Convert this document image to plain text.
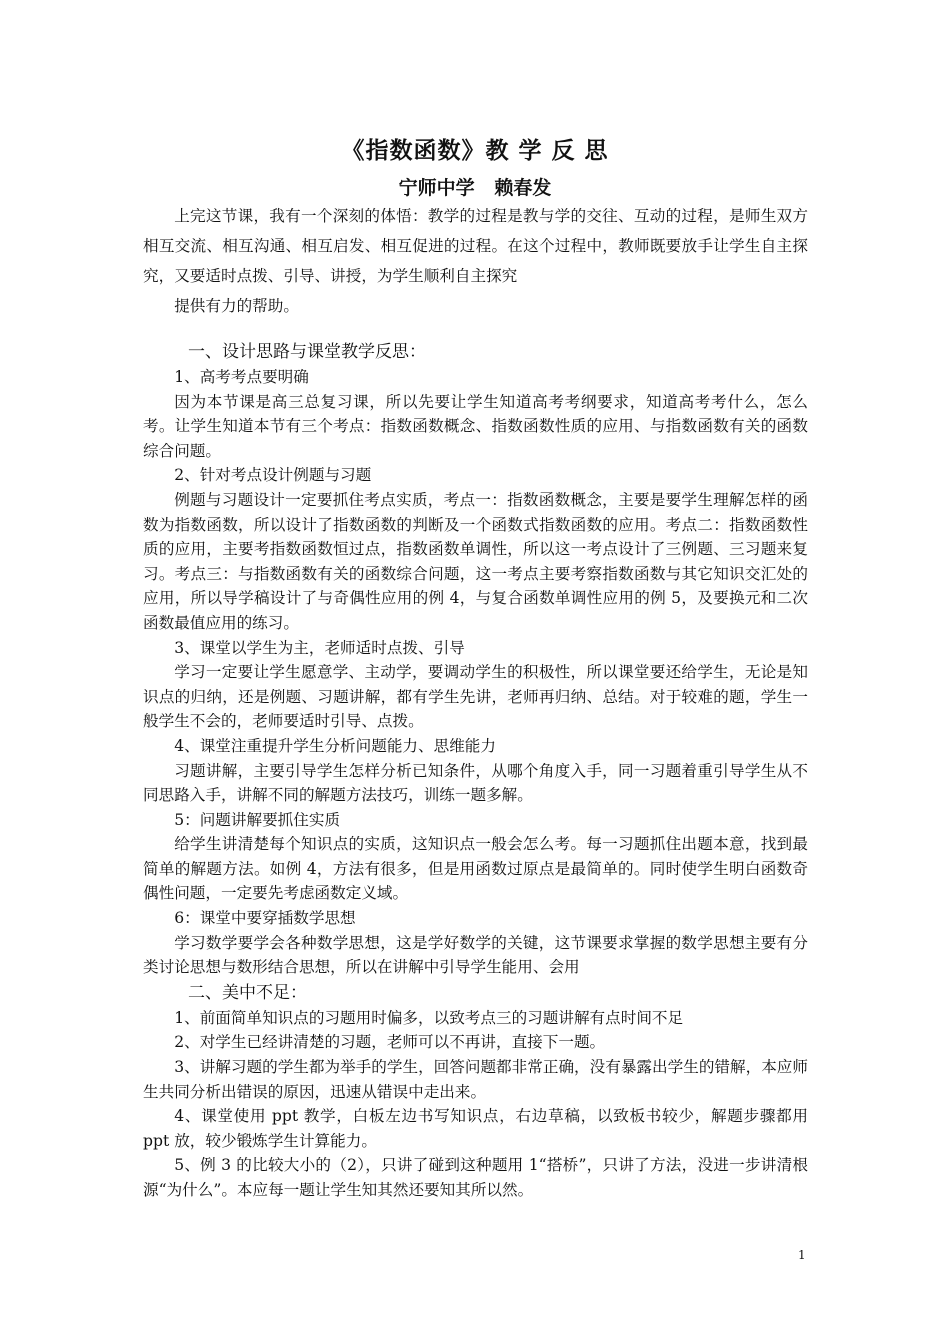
《指数函数》教 学 反 思
宁师中学   赖春发

上完这节课，我有一个深刻的体悟：教学的过程是教与学的交往、互动的过程，是师生双方相互交流、相互沟通、相互启发、相互促进的过程。在这个过程中，教师既要放手让学生自主探究，又要适时点拨、引导、讲授，为学生顺利自主探究

提供有力的帮助。

一、设计思路与课堂教学反思：

1、高考考点要明确

因为本节课是高三总复习课，所以先要让学生知道高考考纲要求，知道高考考什么，怎么考。让学生知道本节有三个考点：指数函数概念、指数函数性质的应用、与指数函数有关的函数综合问题。

2、针对考点设计例题与习题

例题与习题设计一定要抓住考点实质，考点一：指数函数概念，主要是要学生理解怎样的函数为指数函数，所以设计了指数函数的判断及一个函数式指数函数的应用。考点二：指数函数性质的应用，主要考指数函数恒过点，指数函数单调性，所以这一考点设计了三例题、三习题来复习。考点三：与指数函数有关的函数综合问题，这一考点主要考察指数函数与其它知识交汇处的应用，所以导学稿设计了与奇偶性应用的例 4，与复合函数单调性应用的例 5，及要换元和二次函数最值应用的练习。

3、课堂以学生为主，老师适时点拨、引导

学习一定要让学生愿意学、主动学，要调动学生的积极性，所以课堂要还给学生，无论是知识点的归纳，还是例题、习题讲解，都有学生先讲，老师再归纳、总结。对于较难的题，学生一般学生不会的，老师要适时引导、点拨。

4、课堂注重提升学生分析问题能力、思维能力

习题讲解，主要引导学生怎样分析已知条件，从哪个角度入手，同一习题着重引导学生从不同思路入手，讲解不同的解题方法技巧，训练一题多解。

5：问题讲解要抓住实质

给学生讲清楚每个知识点的实质，这知识点一般会怎么考。每一习题抓住出题本意，找到最简单的解题方法。如例 4，方法有很多，但是用函数过原点是最简单的。同时使学生明白函数奇偶性问题，一定要先考虑函数定义域。

6：课堂中要穿插数学思想

学习数学要学会各种数学思想，这是学好数学的关键，这节课要求掌握的数学思想主要有分类讨论思想与数形结合思想，所以在讲解中引导学生能用、会用

二、美中不足：

1、前面简单知识点的习题用时偏多，以致考点三的习题讲解有点时间不足

2、对学生已经讲清楚的习题，老师可以不再讲，直接下一题。

3、讲解习题的学生都为举手的学生，回答问题都非常正确，没有暴露出学生的错解，本应师生共同分析出错误的原因，迅速从错误中走出来。

4、课堂使用 ppt 教学，白板左边书写知识点，右边草稿，以致板书较少，解题步骤都用 ppt 放，较少锻炼学生计算能力。

5、例 3 的比较大小的（2），只讲了碰到这种题用 1“搭桥”，只讲了方法，没进一步讲清根源“为什么”。本应每一题让学生知其然还要知其所以然。

1
